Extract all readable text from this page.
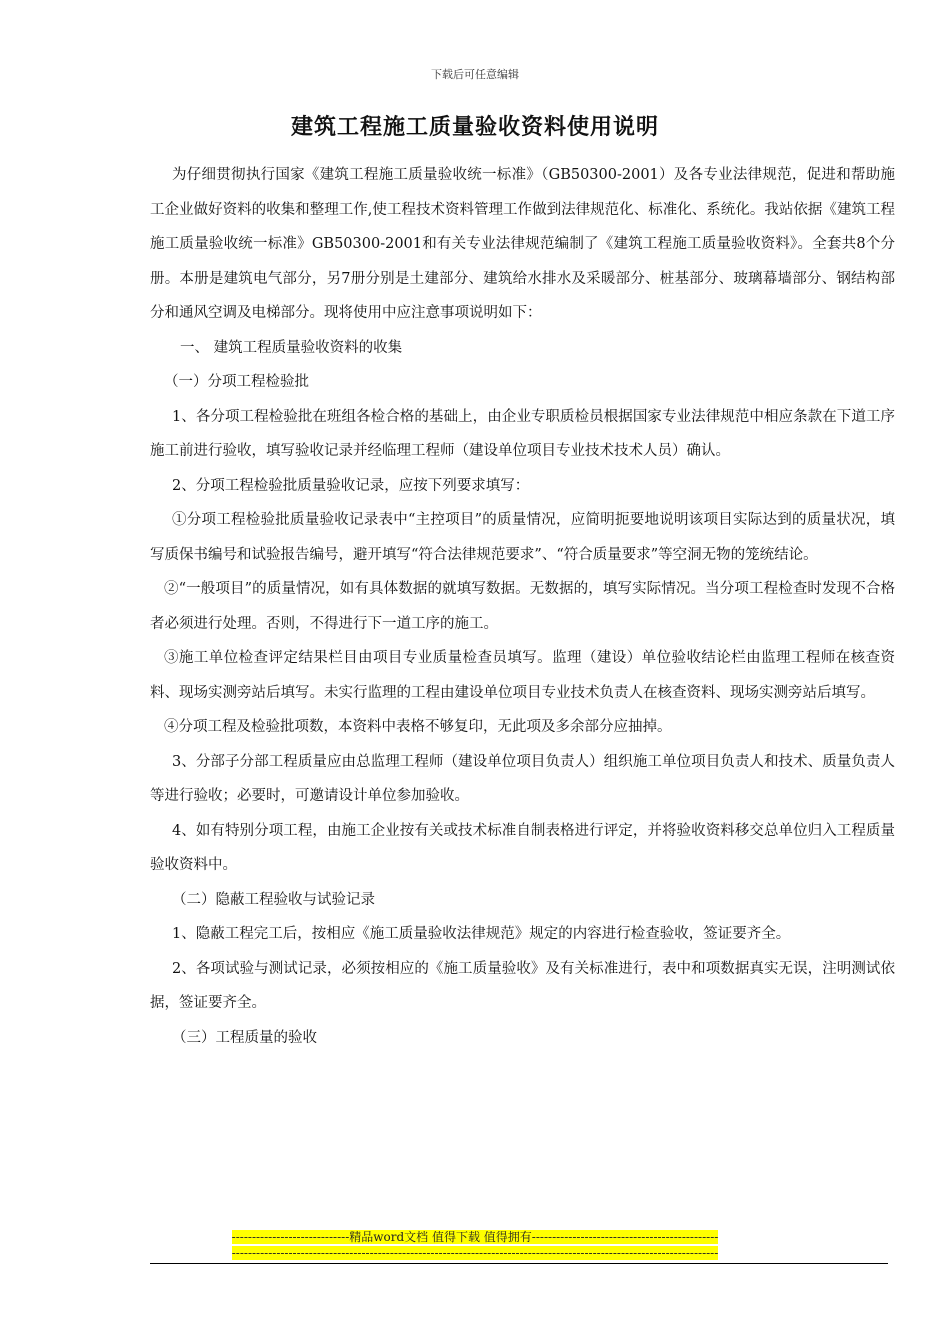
下载后可任意编辑
建筑工程施工质量验收资料使用说明

为仔细贯彻执行国家《建筑工程施工质量验收统一标准》（GB50300-2001）及各专业法律规范，促进和帮助施工企业做好资料的收集和整理工作,使工程技术资料管理工作做到法律规范化、标准化、系统化。我站依据《建筑工程施工质量验收统一标准》GB50300-2001和有关专业法律规范编制了《建筑工程施工质量验收资料》。全套共8个分册。本册是建筑电气部分，另7册分别是土建部分、建筑给水排水及采暖部分、桩基部分、玻璃幕墙部分、钢结构部分和通风空调及电梯部分。现将使用中应注意事项说明如下：

一、 建筑工程质量验收资料的收集

（一）分项工程检验批

1、各分项工程检验批在班组各检合格的基础上，由企业专职质检员根据国家专业法律规范中相应条款在下道工序施工前进行验收，填写验收记录并经临理工程师（建设单位项目专业技术技术人员）确认。

2、分项工程检验批质量验收记录，应按下列要求填写：

①分项工程检验批质量验收记录表中“主控项目”的质量情况，应简明扼要地说明该项目实际达到的质量状况，填写质保书编号和试验报告编号，避开填写“符合法律规范要求”、“符合质量要求”等空洞无物的笼统结论。

②“一般项目”的质量情况，如有具体数据的就填写数据。无数据的，填写实际情况。当分项工程检查时发现不合格者必须进行处理。否则，不得进行下一道工序的施工。

③施工单位检查评定结果栏目由项目专业质量检查员填写。监理（建设）单位验收结论栏由监理工程师在核查资料、现场实测旁站后填写。未实行监理的工程由建设单位项目专业技术负责人在核查资料、现场实测旁站后填写。

④分项工程及检验批项数，本资料中表格不够复印，无此项及多余部分应抽掉。

3、分部子分部工程质量应由总监理工程师（建设单位项目负责人）组织施工单位项目负责人和技术、质量负责人等进行验收；必要时，可邀请设计单位参加验收。

4、如有特别分项工程，由施工企业按有关或技术标准自制表格进行评定，并将验收资料移交总单位归入工程质量验收资料中。

（二）隐蔽工程验收与试验记录

1、隐蔽工程完工后，按相应《施工质量验收法律规范》规定的内容进行检查验收，签证要齐全。

2、各项试验与测试记录，必须按相应的《施工质量验收》及有关标准进行，表中和项数据真实无误，注明测试依据，签证要齐全。

（三）工程质量的验收

-----------------------------精品word文档 值得下载 值得拥有----------------------------------------------
------------------------------------------------------------------------------------------------------------------------
